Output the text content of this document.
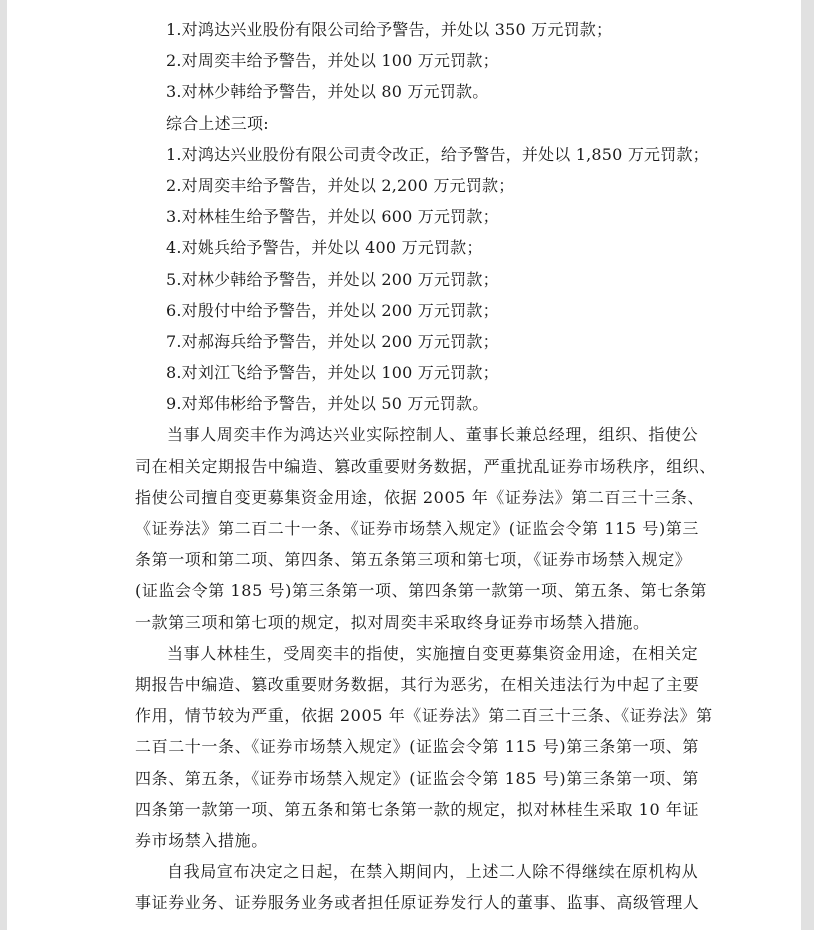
1.对鸿达兴业股份有限公司给予警告，并处以 350 万元罚款；
2.对周奕丰给予警告，并处以 100 万元罚款；
3.对林少韩给予警告，并处以 80 万元罚款。
综合上述三项:
1.对鸿达兴业股份有限公司责令改正，给予警告，并处以 1,850 万元罚款；
2.对周奕丰给予警告，并处以 2,200 万元罚款；
3.对林桂生给予警告，并处以 600 万元罚款；
4.对姚兵给予警告，并处以 400 万元罚款；
5.对林少韩给予警告，并处以 200 万元罚款；
6.对殷付中给予警告，并处以 200 万元罚款；
7.对郝海兵给予警告，并处以 200 万元罚款；
8.对刘江飞给予警告，并处以 100 万元罚款；
9.对郑伟彬给予警告，并处以 50 万元罚款。
当事人周奕丰作为鸿达兴业实际控制人、董事长兼总经理，组织、指使公
司在相关定期报告中编造、篡改重要财务数据，严重扰乱证券市场秩序，组织、
指使公司擅自变更募集资金用途，依据 2005 年《证券法》第二百三十三条、
《证券法》第二百二十一条、《证券市场禁入规定》(证监会令第 115 号)第三
条第一项和第二项、第四条、第五条第三项和第七项，《证券市场禁入规定》
(证监会令第 185 号)第三条第一项、第四条第一款第一项、第五条、第七条第
一款第三项和第七项的规定，拟对周奕丰采取终身证券市场禁入措施。
当事人林桂生，受周奕丰的指使，实施擅自变更募集资金用途，在相关定
期报告中编造、篡改重要财务数据，其行为恶劣，在相关违法行为中起了主要
作用，情节较为严重，依据 2005 年《证券法》第二百三十三条、《证券法》第
二百二十一条、《证券市场禁入规定》(证监会令第 115 号)第三条第一项、第
四条、第五条，《证券市场禁入规定》(证监会令第 185 号)第三条第一项、第
四条第一款第一项、第五条和第七条第一款的规定，拟对林桂生采取 10 年证
券市场禁入措施。
自我局宣布决定之日起，在禁入期间内，上述二人除不得继续在原机构从
事证券业务、证券服务业务或者担任原证券发行人的董事、监事、高级管理人
